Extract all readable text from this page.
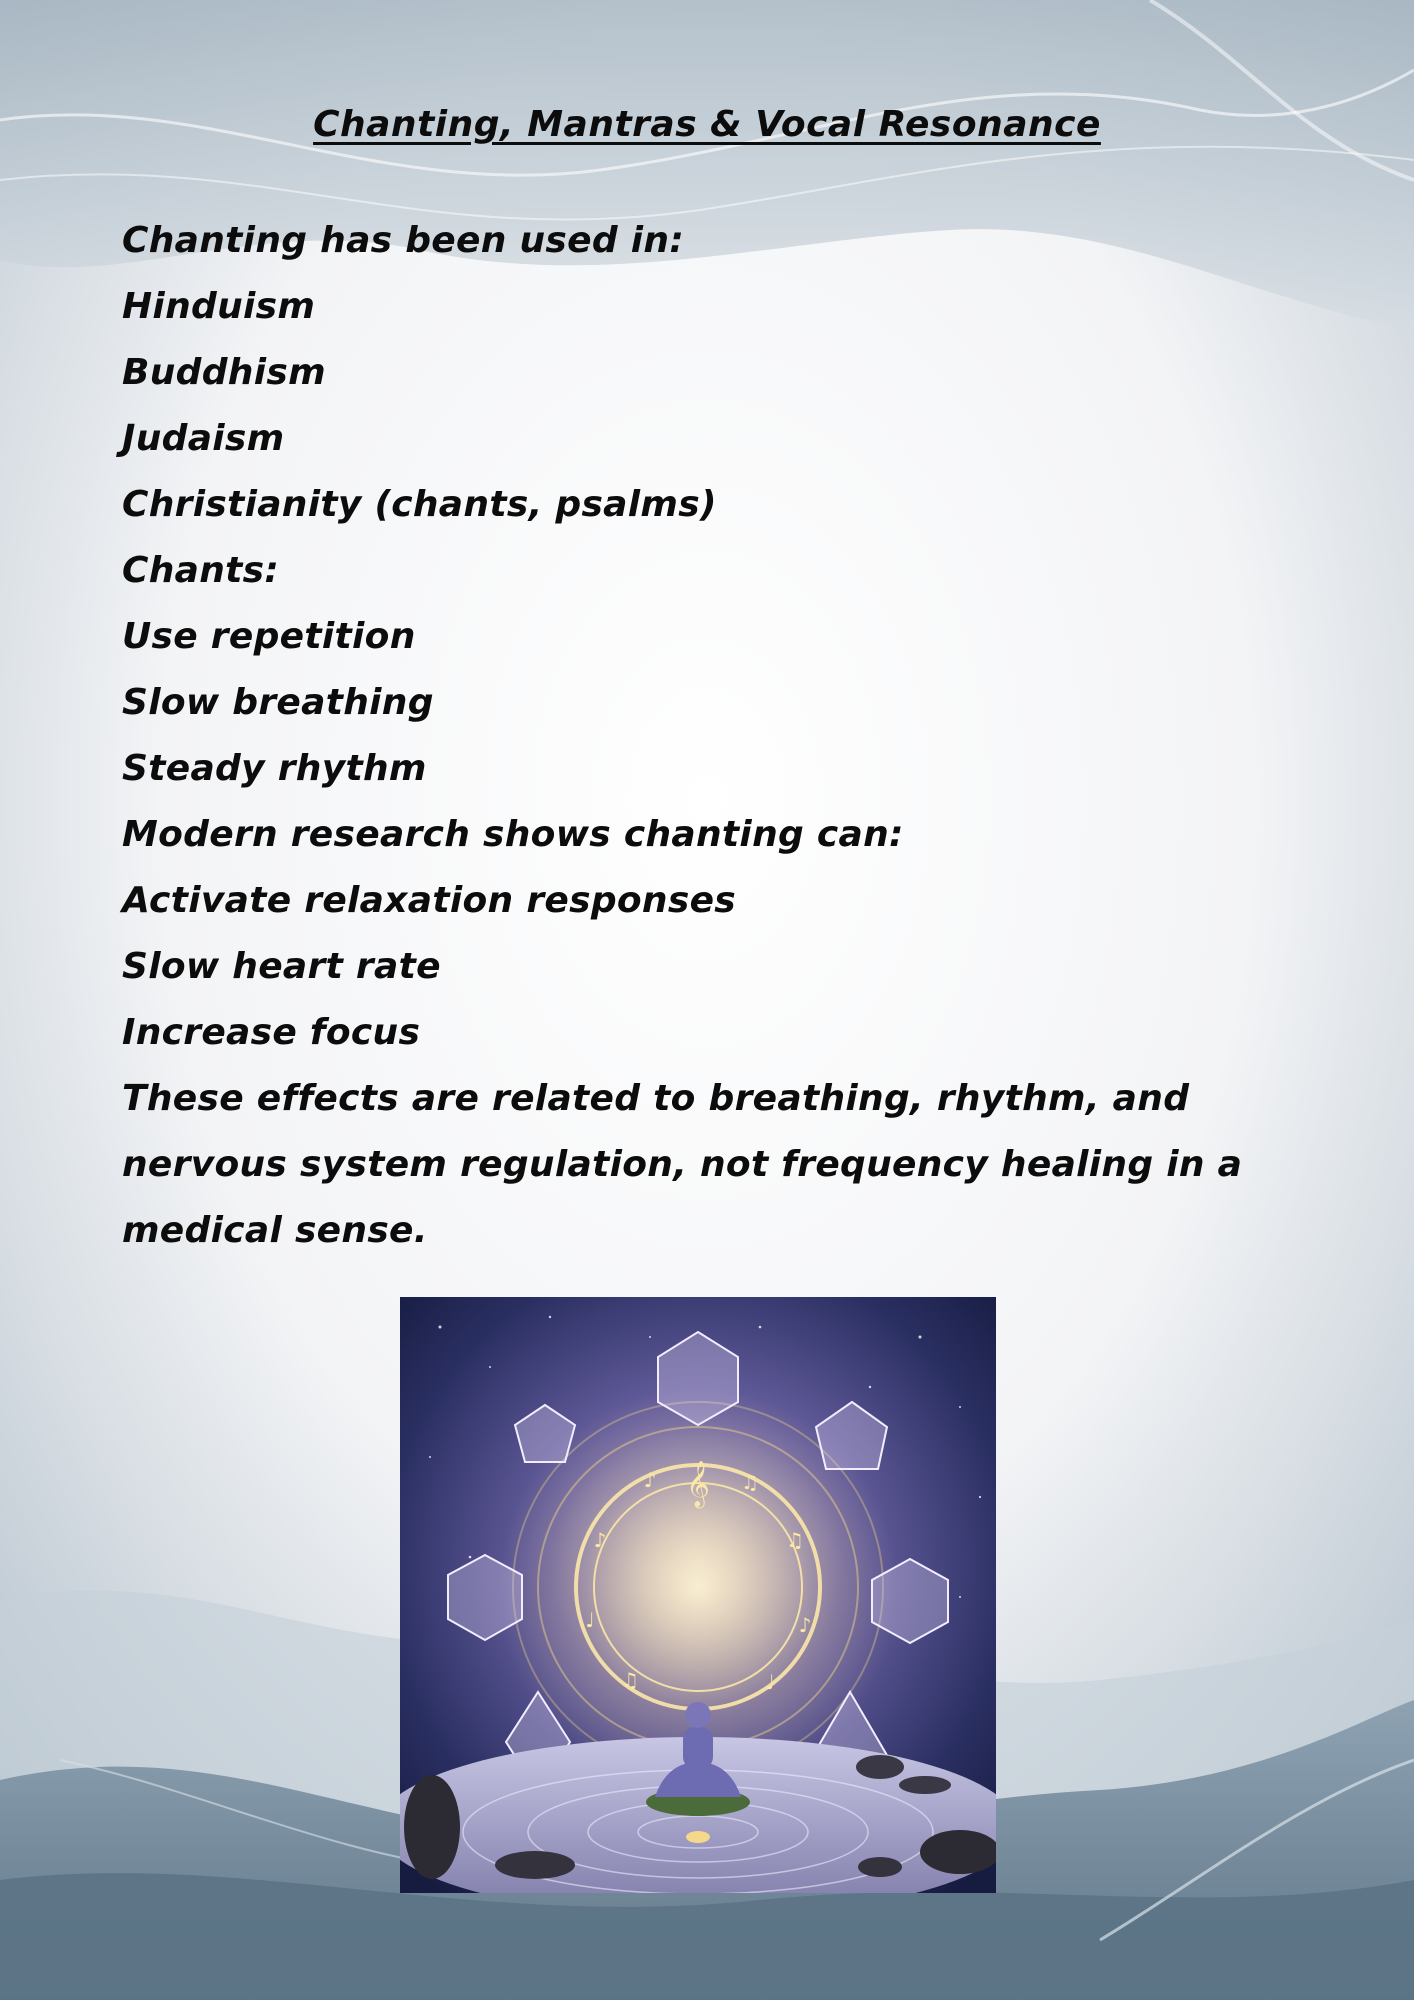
Chanting, Mantras & Vocal Resonance

Chanting has been used in:

Hinduism

Buddhism

Judaism

Christianity (chants, psalms)

Chants:

Use repetition

Slow breathing

Steady rhythm

Modern research shows chanting can:

Activate relaxation responses

Slow heart rate

Increase focus

These effects are related to breathing, rhythm, and

nervous system regulation, not frequency healing in a

medical sense.

𝄞
♪	♫
♩	♪
♫	♩
♪	♫
